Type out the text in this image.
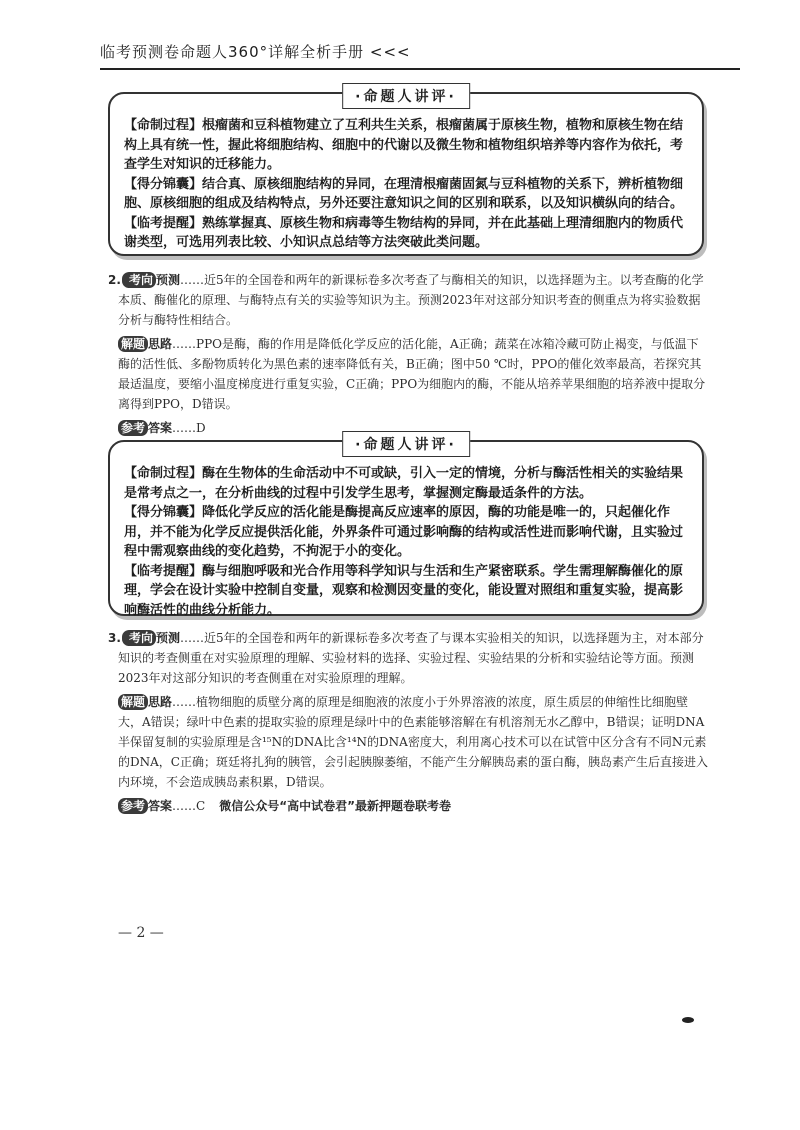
临考预测卷命题人360°详解全析手册 <<<
·命题人讲评·

【命制过程】根瘤菌和豆科植物建立了互利共生关系，根瘤菌属于原核生物，植物和原核生物在结构上具有统一性，握此将细胞结构、细胞中的代谢以及微生物和植物组织培养等内容作为依托，考查学生对知识的迁移能力。

【得分锦囊】结合真、原核细胞结构的异同，在理清根瘤菌固氮与豆科植物的关系下，辨析植物细胞、原核细胞的组成及结构特点，另外还要注意知识之间的区别和联系，以及知识横纵向的结合。

【临考提醒】熟练掌握真、原核生物和病毒等生物结构的异同，并在此基础上理清细胞内的物质代谢类型，可选用列表比较、小知识点总结等方法突破此类问题。

2. 考向 预测……近5年的全国卷和两年的新课标卷多次考查了与酶相关的知识，以选择题为主。以考查酶的化学本质、酶催化的原理、与酶特点有关的实验等知识为主。预测2023年对这部分知识考查的侧重点为将实验数据分析与酶特性相结合。

解题 思路……PPO是酶，酶的作用是降低化学反应的活化能，A正确；蔬菜在冰箱冷藏可防止褐变，与低温下酶的活性低、多酚物质转化为黑色素的速率降低有关，B正确；图中50 ℃时，PPO的催化效率最高，若探究其最适温度，要缩小温度梯度进行重复实验，C正确；PPO为细胞内的酶，不能从培养苹果细胞的培养液中提取分离得到PPO，D错误。

参考 答案……D

·命题人讲评·

【命制过程】酶在生物体的生命活动中不可或缺，引入一定的情境，分析与酶活性相关的实验结果是常考点之一，在分析曲线的过程中引发学生思考，掌握测定酶最适条件的方法。

【得分锦囊】降低化学反应的活化能是酶提高反应速率的原因，酶的功能是唯一的，只起催化作用，并不能为化学反应提供活化能，外界条件可通过影响酶的结构或活性进而影响代谢，且实验过程中需观察曲线的变化趋势，不拘泥于小的变化。

【临考提醒】酶与细胞呼吸和光合作用等科学知识与生活和生产紧密联系。学生需理解酶催化的原理，学会在设计实验中控制自变量，观察和检测因变量的变化，能设置对照组和重复实验，提高影响酶活性的曲线分析能力。

3. 考向 预测……近5年的全国卷和两年的新课标卷多次考查了与课本实验相关的知识，以选择题为主，对本部分知识的考查侧重在对实验原理的理解、实验材料的选择、实验过程、实验结果的分析和实验结论等方面。预测2023年对这部分知识的考查侧重在对实验原理的理解。

解题 思路……植物细胞的质壁分离的原理是细胞液的浓度小于外界溶液的浓度，原生质层的伸缩性比细胞壁大，A错误；绿叶中色素的提取实验的原理是绿叶中的色素能够溶解在有机溶剂无水乙醇中，B错误；证明DNA半保留复制的实验原理是含¹⁵N的DNA比含¹⁴N的DNA密度大，利用离心技术可以在试管中区分含有不同N元素的DNA，C正确；斑廷将扎狗的胰管，会引起胰腺萎缩，不能产生分解胰岛素的蛋白酶，胰岛素产生后直接进入内环境，不会造成胰岛素积累，D错误。

参考 答案……C 微信公众号“高中试卷君”最新押题卷联考卷

— 2 —
